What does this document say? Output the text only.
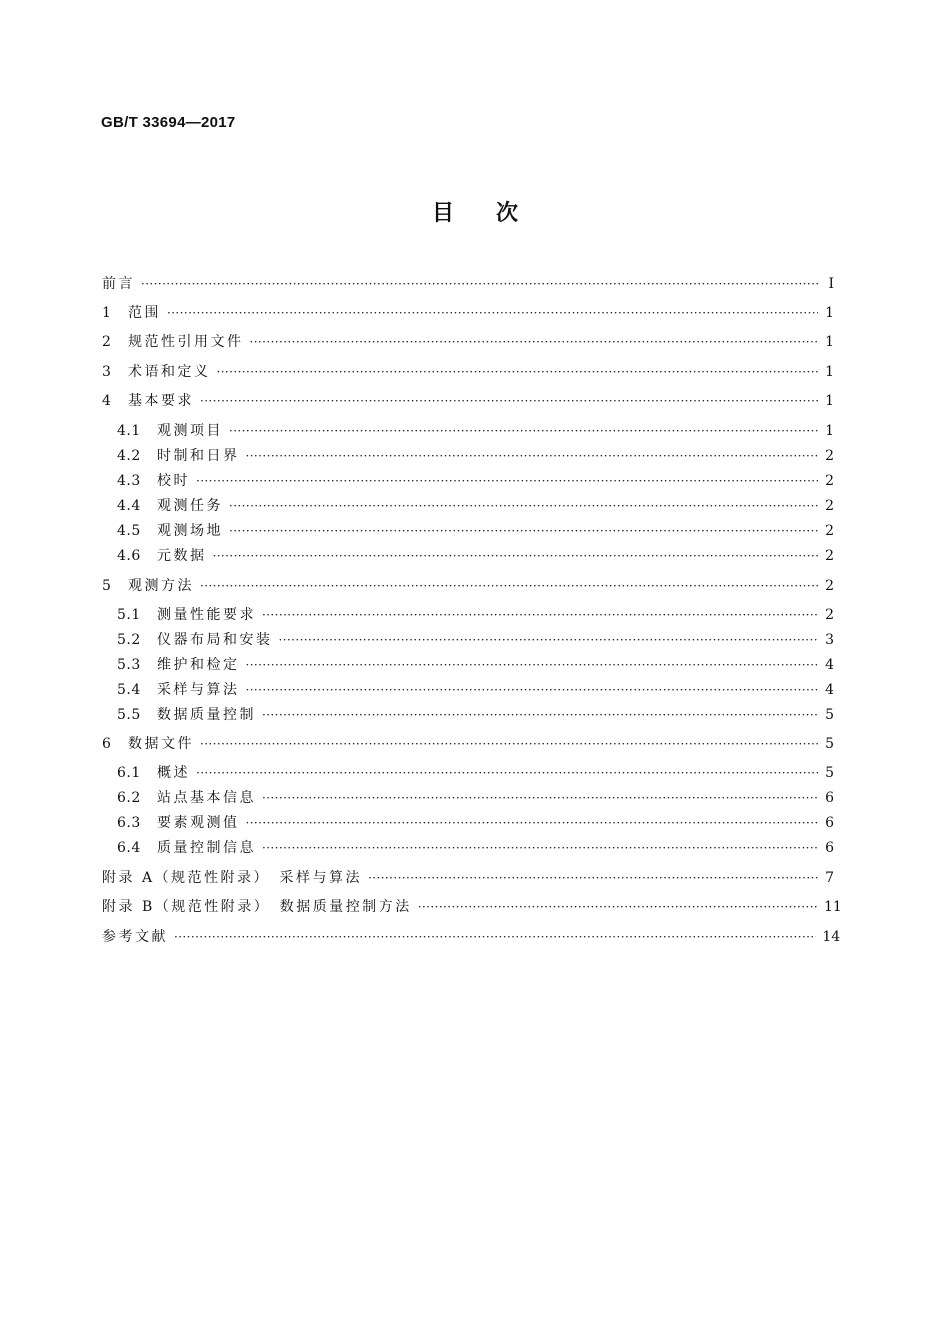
GB/T 33694—2017
目次
前言 ·····	Ⅰ
1	范围 ·····	1
2	规范性引用文件 ·····	1
3	术语和定义 ·····	1
4	基本要求 ·····	1
4.1	观测项目 ·····	1
4.2	时制和日界 ·····	2
4.3	校时 ·····	2
4.4	观测任务 ·····	2
4.5	观测场地 ·····	2
4.6	元数据 ·····	2
5	观测方法 ·····	2
5.1	测量性能要求 ·····	2
5.2	仪器布局和安装 ·····	3
5.3	维护和检定 ·····	4
5.4	采样与算法 ·····	4
5.5	数据质量控制 ·····	5
6	数据文件 ·····	5
6.1	概述 ·····	5
6.2	站点基本信息 ·····	6
6.3	要素观测值 ·····	6
6.4	质量控制信息 ·····	6
附录 A（规范性附录）　采样与算法 ·····	7
附录 B（规范性附录）　数据质量控制方法 ·····	11
参考文献 ·····	14
